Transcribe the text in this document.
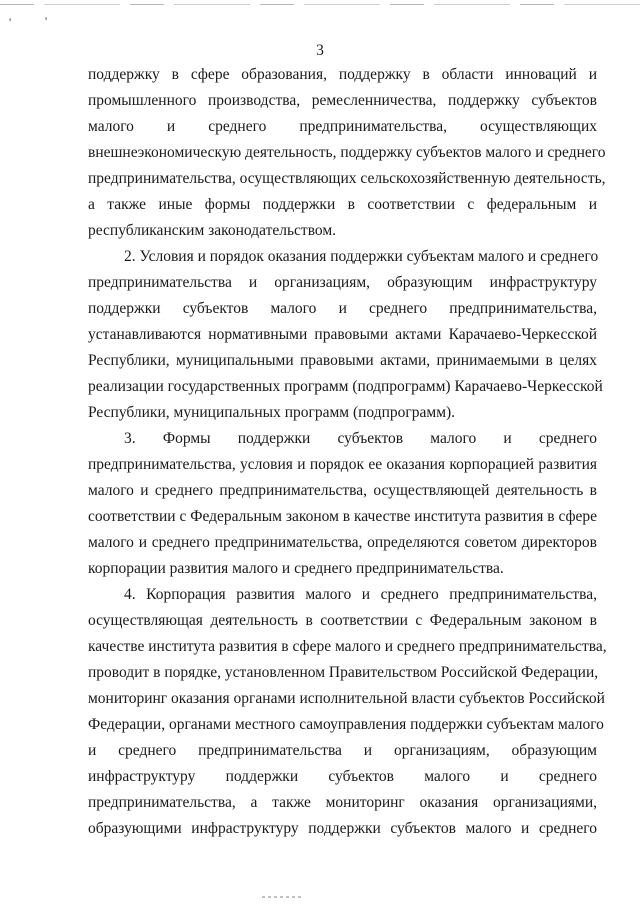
'	'
3
поддержку в сфере образования, поддержку в области инноваций и
промышленного производства, ремесленничества, поддержку субъектов
малого и среднего предпринимательства, осуществляющих
внешнеэкономическую деятельность, поддержку субъектов малого и среднего
предпринимательства, осуществляющих сельскохозяйственную деятельность,
а также иные формы поддержки в соответствии с федеральным и
республиканским законодательством.
2. Условия и порядок оказания поддержки субъектам малого и среднего
предпринимательства и организациям, образующим инфраструктуру
поддержки субъектов малого и среднего предпринимательства,
устанавливаются нормативными правовыми актами Карачаево-Черкесской
Республики, муниципальными правовыми актами, принимаемыми в целях
реализации государственных программ (подпрограмм) Карачаево-Черкесской
Республики, муниципальных программ (подпрограмм).
3. Формы поддержки субъектов малого и среднего
предпринимательства, условия и порядок ее оказания корпорацией развития
малого и среднего предпринимательства, осуществляющей деятельность в
соответствии с Федеральным законом в качестве института развития в сфере
малого и среднего предпринимательства, определяются советом директоров
корпорации развития малого и среднего предпринимательства.
4. Корпорация развития малого и среднего предпринимательства,
осуществляющая деятельность в соответствии с Федеральным законом в
качестве института развития в сфере малого и среднего предпринимательства,
проводит в порядке, установленном Правительством Российской Федерации,
мониторинг оказания органами исполнительной власти субъектов Российской
Федерации, органами местного самоуправления поддержки субъектам малого
и среднего предпринимательства и организациям, образующим
инфраструктуру поддержки субъектов малого и среднего
предпринимательства, а также мониторинг оказания организациями,
образующими инфраструктуру поддержки субъектов малого и среднего
